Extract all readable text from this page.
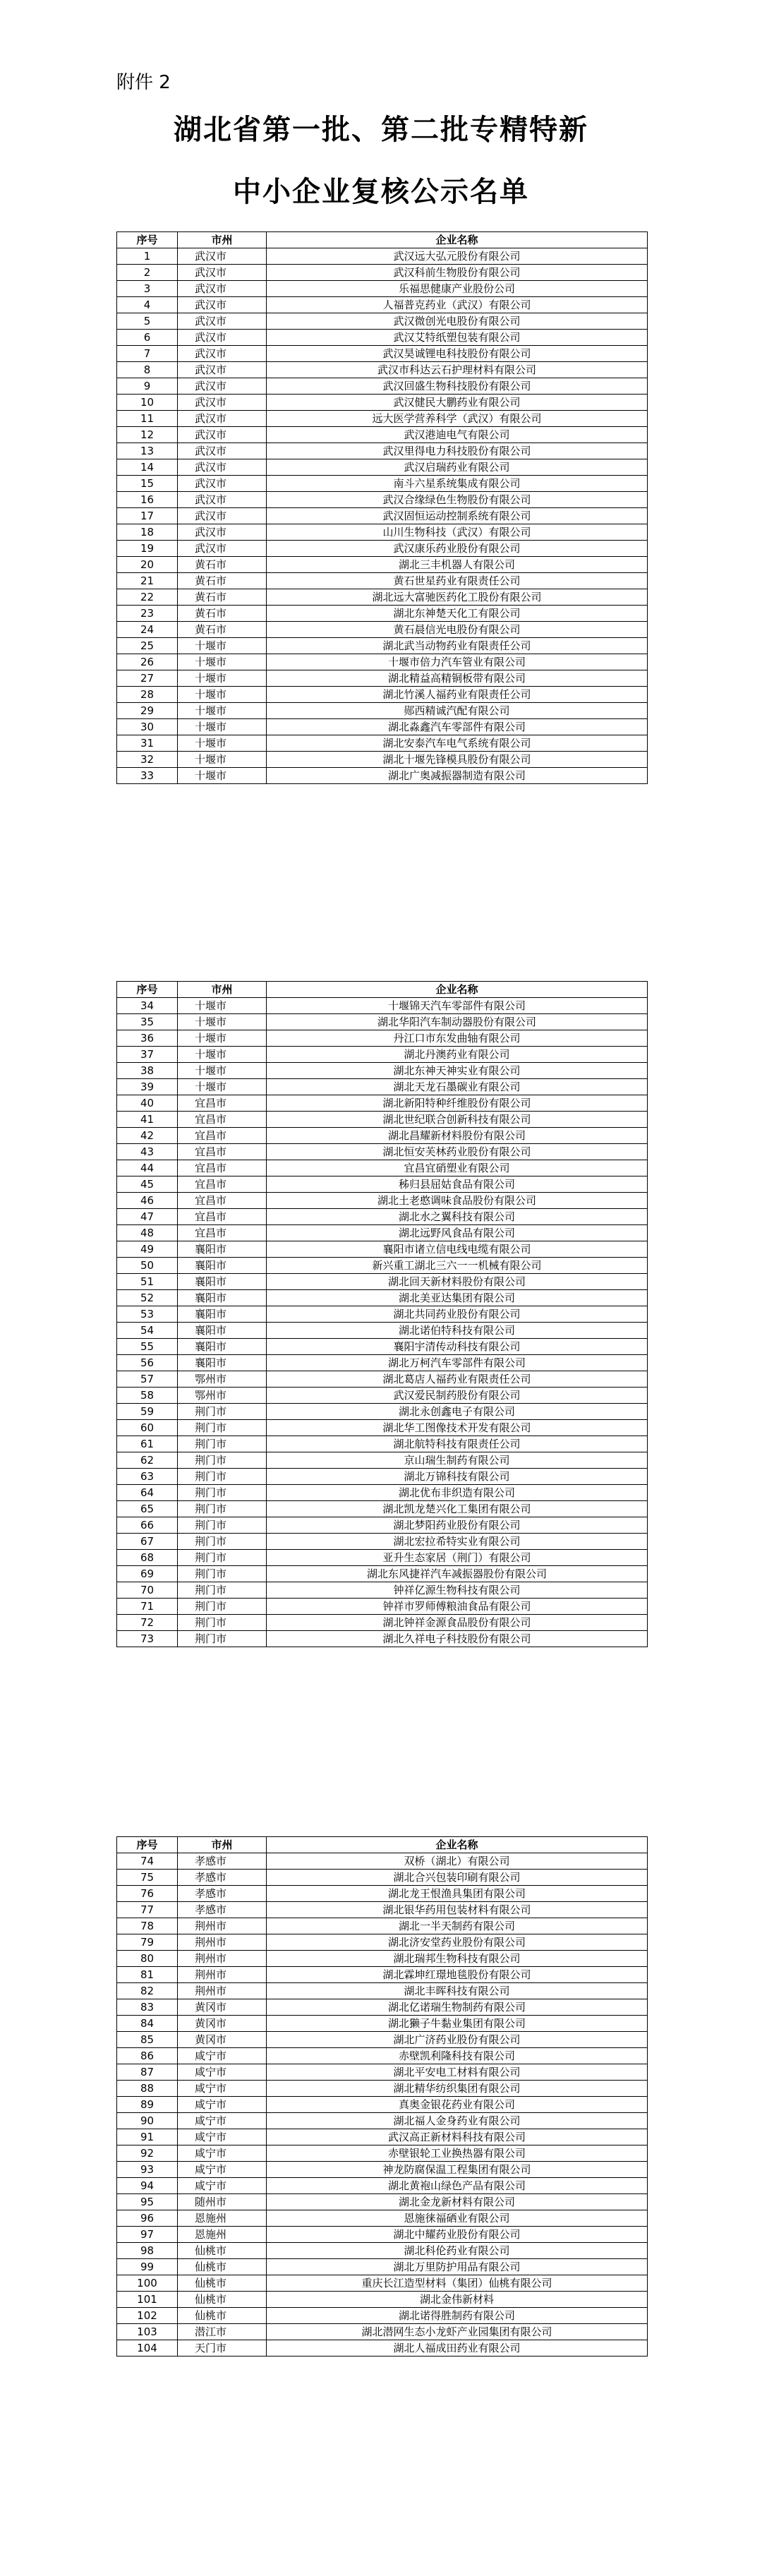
附件 2
湖北省第一批、第二批专精特新
中小企业复核公示名单
序号	市州	企业名称
1	武汉市	武汉远大弘元股份有限公司
2	武汉市	武汉科前生物股份有限公司
3	武汉市	乐福思健康产业股份公司
4	武汉市	人福普克药业（武汉）有限公司
5	武汉市	武汉微创光电股份有限公司
6	武汉市	武汉艾特纸塑包装有限公司
7	武汉市	武汉昊诚锂电科技股份有限公司
8	武汉市	武汉市科达云石护理材料有限公司
9	武汉市	武汉回盛生物科技股份有限公司
10	武汉市	武汉健民大鹏药业有限公司
11	武汉市	远大医学营养科学（武汉）有限公司
12	武汉市	武汉港迪电气有限公司
13	武汉市	武汉里得电力科技股份有限公司
14	武汉市	武汉启瑞药业有限公司
15	武汉市	南斗六星系统集成有限公司
16	武汉市	武汉合缘绿色生物股份有限公司
17	武汉市	武汉固恒运动控制系统有限公司
18	武汉市	山川生物科技（武汉）有限公司
19	武汉市	武汉康乐药业股份有限公司
20	黄石市	湖北三丰机器人有限公司
21	黄石市	黄石世星药业有限责任公司
22	黄石市	湖北远大富驰医药化工股份有限公司
23	黄石市	湖北东神楚天化工有限公司
24	黄石市	黄石晨信光电股份有限公司
25	十堰市	湖北武当动物药业有限责任公司
26	十堰市	十堰市倍力汽车管业有限公司
27	十堰市	湖北精益高精铜板带有限公司
28	十堰市	湖北竹溪人福药业有限责任公司
29	十堰市	郧西精诚汽配有限公司
30	十堰市	湖北淼鑫汽车零部件有限公司
31	十堰市	湖北安泰汽车电气系统有限公司
32	十堰市	湖北十堰先锋模具股份有限公司
33	十堰市	湖北广奥减振器制造有限公司
序号	市州	企业名称
34	十堰市	十堰锦天汽车零部件有限公司
35	十堰市	湖北华阳汽车制动器股份有限公司
36	十堰市	丹江口市东发曲轴有限公司
37	十堰市	湖北丹澳药业有限公司
38	十堰市	湖北东神天神实业有限公司
39	十堰市	湖北天龙石墨碳业有限公司
40	宜昌市	湖北新阳特种纤维股份有限公司
41	宜昌市	湖北世纪联合创新科技有限公司
42	宜昌市	湖北昌耀新材料股份有限公司
43	宜昌市	湖北恒安芙林药业股份有限公司
44	宜昌市	宜昌宜硝塑业有限公司
45	宜昌市	秭归县屈姑食品有限公司
46	宜昌市	湖北土老憨调味食品股份有限公司
47	宜昌市	湖北水之翼科技有限公司
48	宜昌市	湖北远野风食品有限公司
49	襄阳市	襄阳市诸立信电线电缆有限公司
50	襄阳市	新兴重工湖北三六一一机械有限公司
51	襄阳市	湖北回天新材料股份有限公司
52	襄阳市	湖北美亚达集团有限公司
53	襄阳市	湖北共同药业股份有限公司
54	襄阳市	湖北诺伯特科技有限公司
55	襄阳市	襄阳宇清传动科技有限公司
56	襄阳市	湖北万柯汽车零部件有限公司
57	鄂州市	湖北葛店人福药业有限责任公司
58	鄂州市	武汉爱民制药股份有限公司
59	荆门市	湖北永创鑫电子有限公司
60	荆门市	湖北华工图像技术开发有限公司
61	荆门市	湖北航特科技有限责任公司
62	荆门市	京山瑞生制药有限公司
63	荆门市	湖北万锦科技有限公司
64	荆门市	湖北优布非织造有限公司
65	荆门市	湖北凯龙楚兴化工集团有限公司
66	荆门市	湖北梦阳药业股份有限公司
67	荆门市	湖北宏拉希特实业有限公司
68	荆门市	亚升生态家居（荆门）有限公司
69	荆门市	湖北东风捷祥汽车减振器股份有限公司
70	荆门市	钟祥亿源生物科技有限公司
71	荆门市	钟祥市罗师傅粮油食品有限公司
72	荆门市	湖北钟祥金源食品股份有限公司
73	荆门市	湖北久祥电子科技股份有限公司
序号	市州	企业名称
74	孝感市	双桥（湖北）有限公司
75	孝感市	湖北合兴包装印刷有限公司
76	孝感市	湖北龙王恨渔具集团有限公司
77	孝感市	湖北银华药用包装材料有限公司
78	荆州市	湖北一半天制药有限公司
79	荆州市	湖北济安堂药业股份有限公司
80	荆州市	湖北瑞邦生物科技有限公司
81	荆州市	湖北霖坤红璟地毯股份有限公司
82	荆州市	湖北丰晖科技有限公司
83	黄冈市	湖北亿诺瑞生物制药有限公司
84	黄冈市	湖北獭子牛黏业集团有限公司
85	黄冈市	湖北广济药业股份有限公司
86	咸宁市	赤壁凯利隆科技有限公司
87	咸宁市	湖北平安电工材料有限公司
88	咸宁市	湖北精华纺织集团有限公司
89	咸宁市	真奥金银花药业有限公司
90	咸宁市	湖北福人金身药业有限公司
91	咸宁市	武汉高正新材料科技有限公司
92	咸宁市	赤壁银轮工业换热器有限公司
93	咸宁市	神龙防腐保温工程集团有限公司
94	咸宁市	湖北黄袍山绿色产品有限公司
95	随州市	湖北金龙新材料有限公司
96	恩施州	恩施徕福硒业有限公司
97	恩施州	湖北中耀药业股份有限公司
98	仙桃市	湖北科伦药业有限公司
99	仙桃市	湖北万里防护用品有限公司
100	仙桃市	重庆长江造型材料（集团）仙桃有限公司
101	仙桃市	湖北金伟新材料
102	仙桃市	湖北诺得胜制药有限公司
103	潜江市	湖北潜网生态小龙虾产业园集团有限公司
104	天门市	湖北人福成田药业有限公司
